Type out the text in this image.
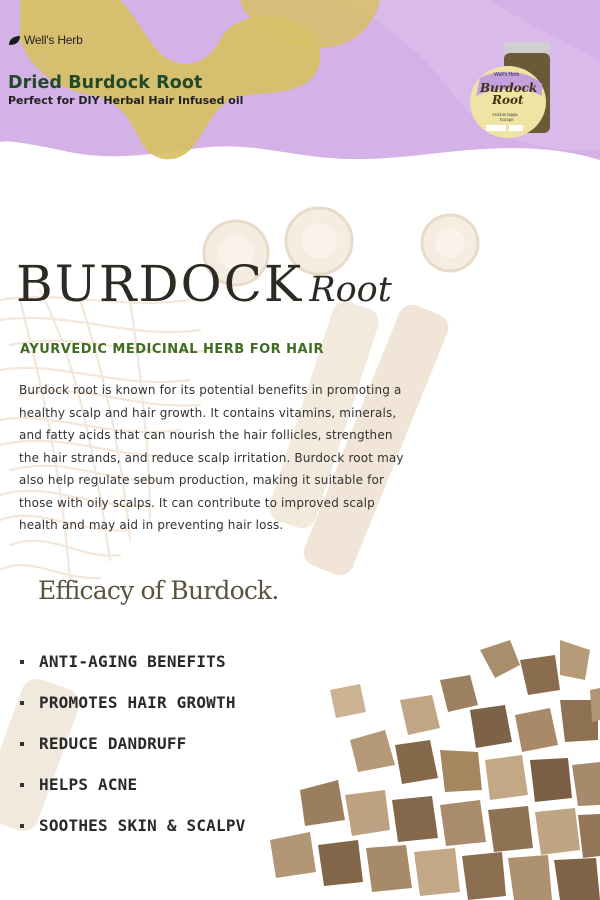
Well's Herb
Dried Burdock Root
Perfect for DIY Herbal Hair Infused oil
Well's Herb
Burdock
Root
Arctium lappa
Europe
BURDOCK Root
AYURVEDIC MEDICINAL HERB FOR HAIR
Burdock root is known for its potential benefits in promoting a healthy scalp and hair growth. It contains vitamins, minerals, and fatty acids that can nourish the hair follicles, strengthen the hair strands, and reduce scalp irritation. Burdock root may also help regulate sebum production, making it suitable for those with oily scalps. It can contribute to improved scalp health and may aid in preventing hair loss.
Efficacy of Burdock.
ANTI-AGING BENEFITS
PROMOTES HAIR GROWTH
REDUCE DANDRUFF
HELPS ACNE
SOOTHES SKIN & SCALPV
